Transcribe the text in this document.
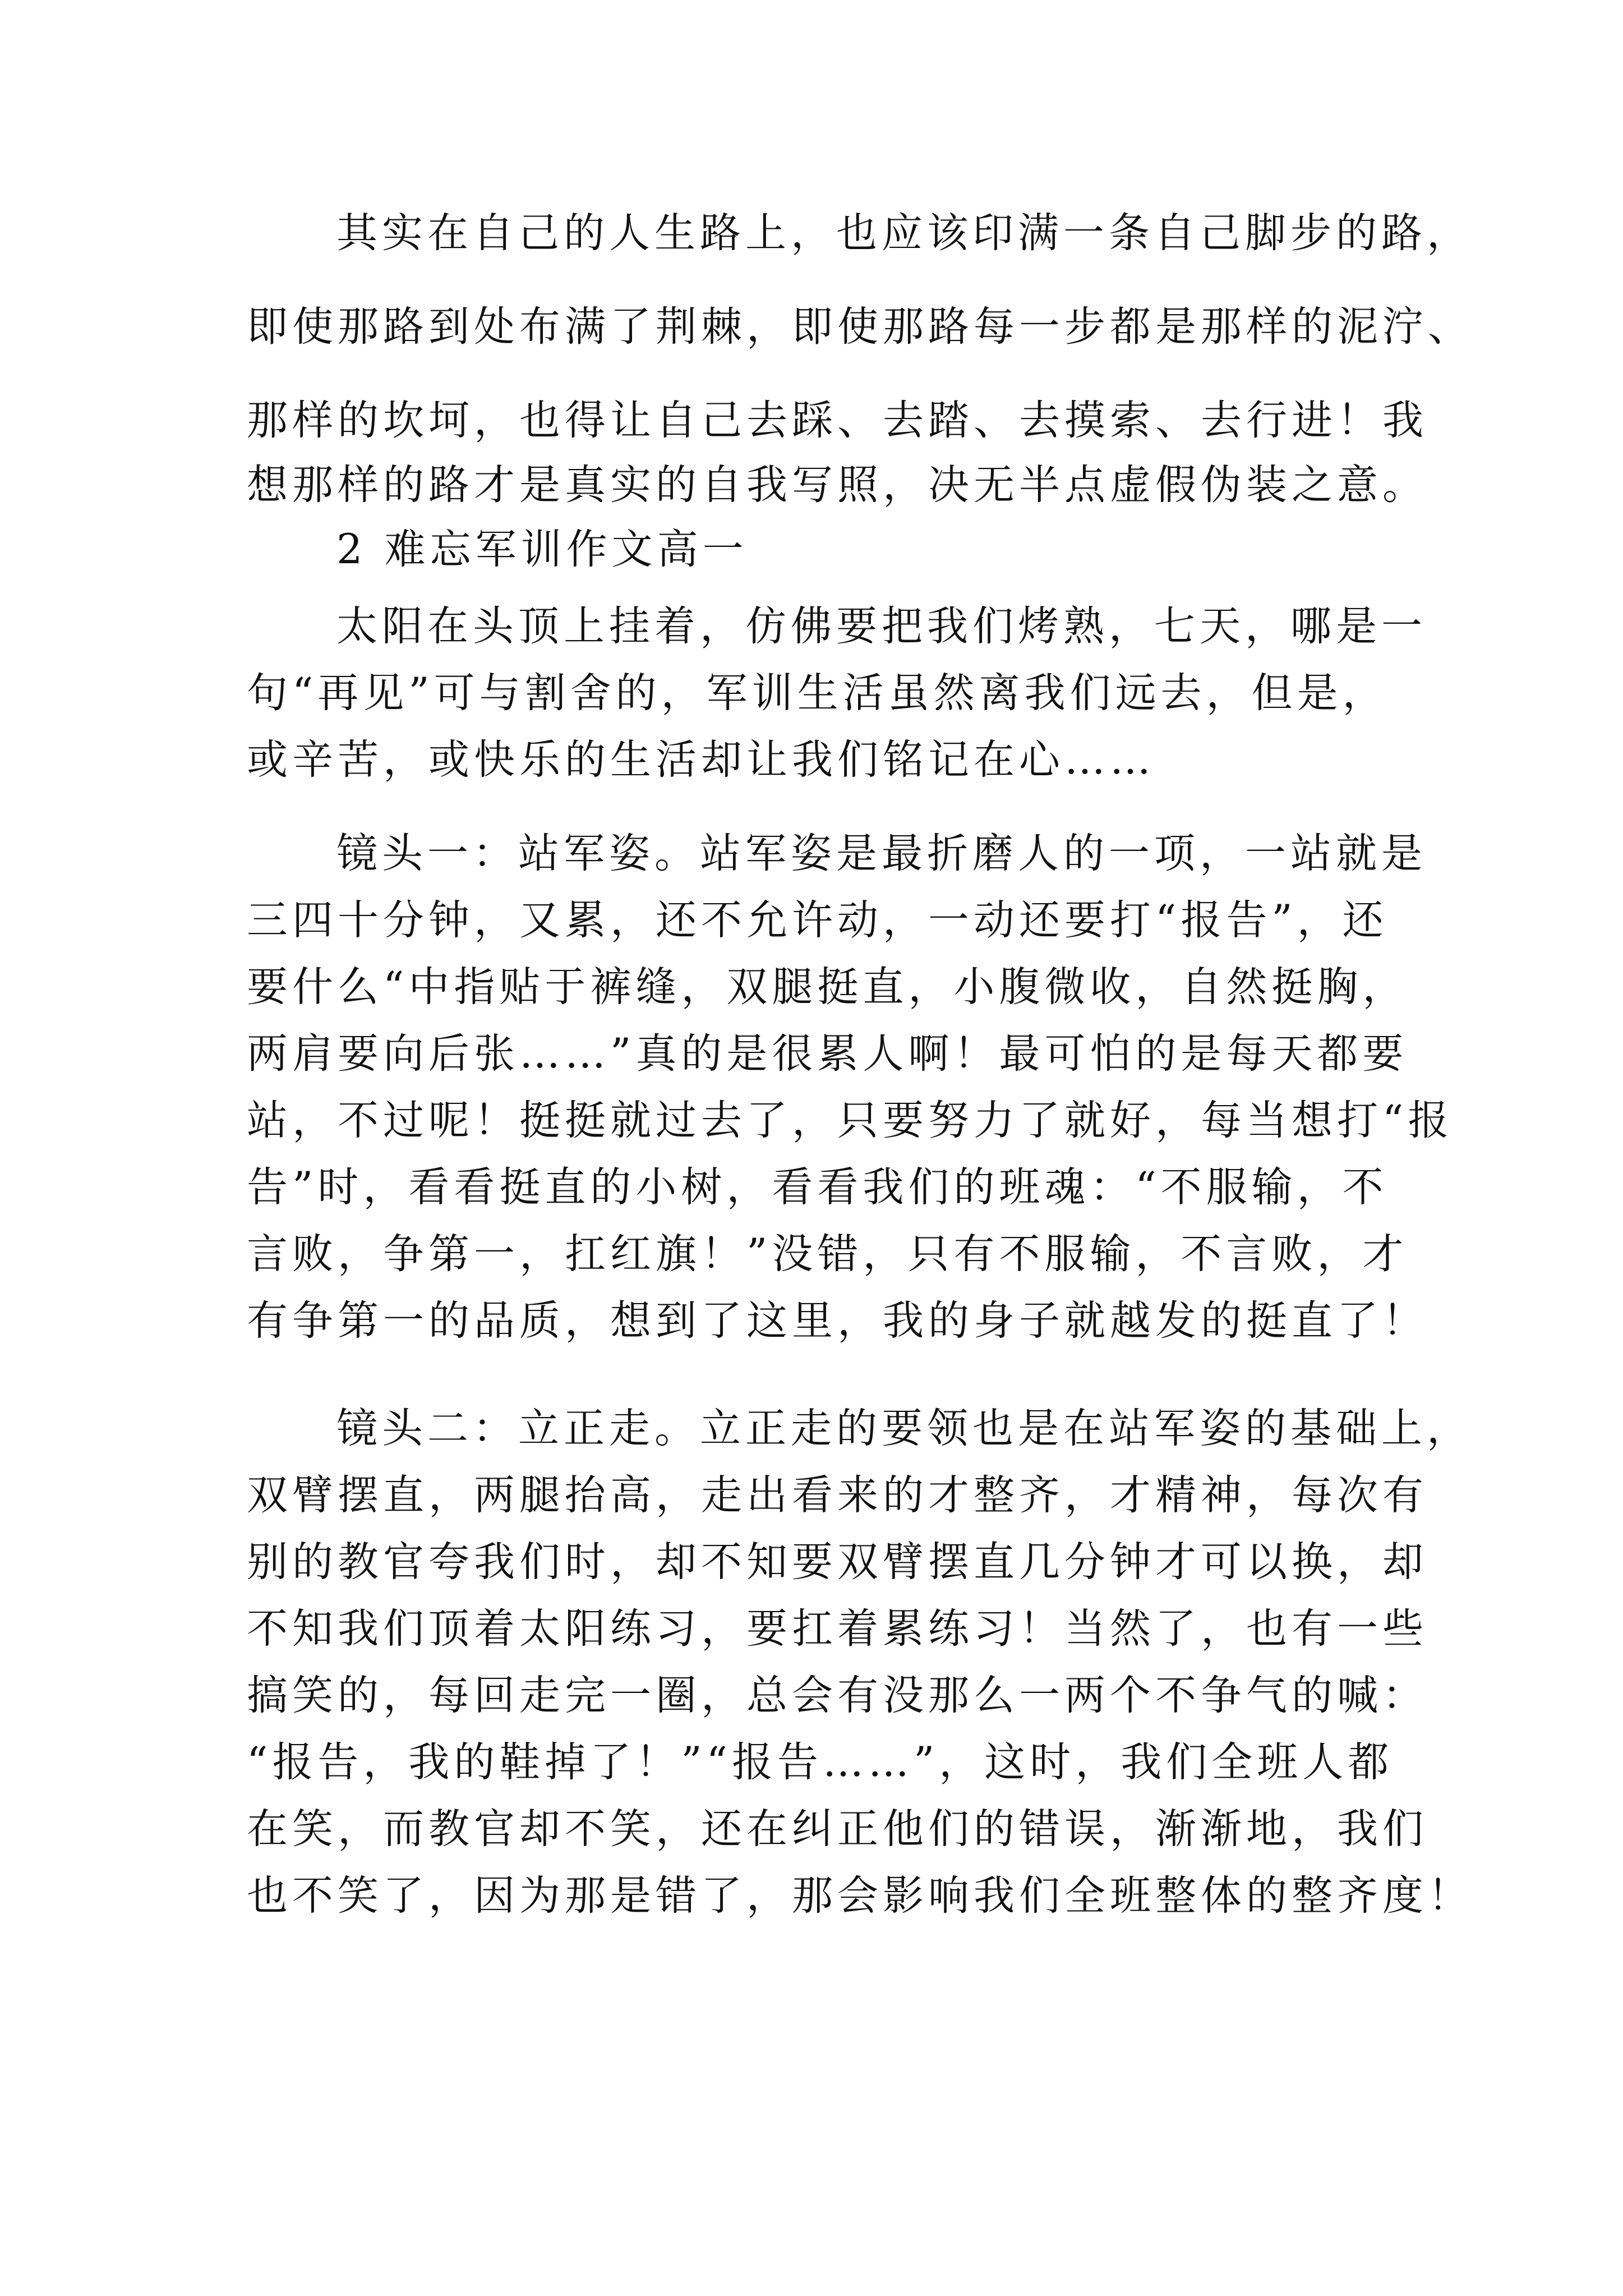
其实在自己的人生路上，也应该印满一条自己脚步的路，
即使那路到处布满了荆棘，即使那路每一步都是那样的泥泞、
那样的坎坷，也得让自己去踩、去踏、去摸索、去行进！我
想那样的路才是真实的自我写照，决无半点虚假伪装之意。
2 难忘军训作文高一
太阳在头顶上挂着，仿佛要把我们烤熟，七天，哪是一
句“再见”可与割舍的，军训生活虽然离我们远去，但是，
或辛苦，或快乐的生活却让我们铭记在心……
镜头一：站军姿。站军姿是最折磨人的一项，一站就是
三四十分钟，又累，还不允许动，一动还要打“报告”，还
要什么“中指贴于裤缝，双腿挺直，小腹微收，自然挺胸，
两肩要向后张……”真的是很累人啊！最可怕的是每天都要
站，不过呢！挺挺就过去了，只要努力了就好，每当想打“报
告”时，看看挺直的小树，看看我们的班魂：“不服输，不
言败，争第一，扛红旗！”没错，只有不服输，不言败，才
有争第一的品质，想到了这里，我的身子就越发的挺直了！
镜头二：立正走。立正走的要领也是在站军姿的基础上，
双臂摆直，两腿抬高，走出看来的才整齐，才精神，每次有
别的教官夸我们时，却不知要双臂摆直几分钟才可以换，却
不知我们顶着太阳练习，要扛着累练习！当然了，也有一些
搞笑的，每回走完一圈，总会有没那么一两个不争气的喊：
“报告，我的鞋掉了！”“报告……”，这时，我们全班人都
在笑，而教官却不笑，还在纠正他们的错误，渐渐地，我们
也不笑了，因为那是错了，那会影响我们全班整体的整齐度！
